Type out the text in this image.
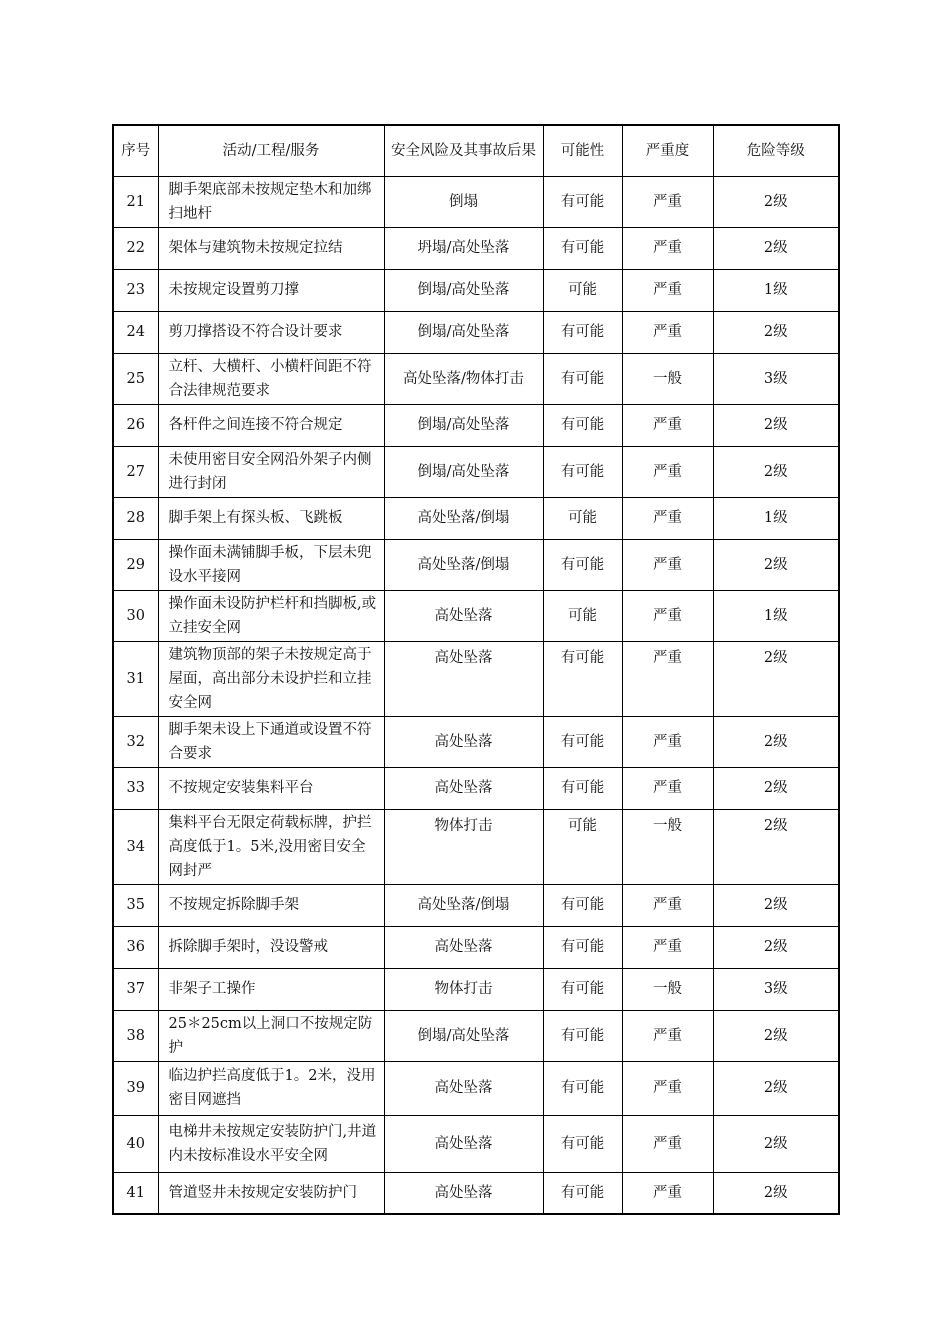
序号	活动/工程/服务	安全风险及其事故后果	可能性	严重度	危险等级
21	脚手架底部未按规定垫木和加绑扫地杆	倒塌	有可能	严重	2级
22	架体与建筑物未按规定拉结	坍塌/高处坠落	有可能	严重	2级
23	未按规定设置剪刀撑	倒塌/高处坠落	可能	严重	1级
24	剪刀撑搭设不符合设计要求	倒塌/高处坠落	有可能	严重	2级
25	立杆、大横杆、小横杆间距不符合法律规范要求	高处坠落/物体打击	有可能	一般	3级
26	各杆件之间连接不符合规定	倒塌/高处坠落	有可能	严重	2级
27	未使用密目安全网沿外架子内侧进行封闭	倒塌/高处坠落	有可能	严重	2级
28	脚手架上有探头板、飞跳板	高处坠落/倒塌	可能	严重	1级
29	操作面未满铺脚手板，下层未兜设水平接网	高处坠落/倒塌	有可能	严重	2级
30	操作面未设防护栏杆和挡脚板,或立挂安全网	高处坠落	可能	严重	1级
31	建筑物顶部的架子未按规定高于屋面，高出部分未设护拦和立挂安全网	高处坠落	有可能	严重	2级
32	脚手架未设上下通道或设置不符合要求	高处坠落	有可能	严重	2级
33	不按规定安装集料平台	高处坠落	有可能	严重	2级
34	集料平台无限定荷载标牌，护拦高度低于1。5米,没用密目安全网封严	物体打击	可能	一般	2级
35	不按规定拆除脚手架	高处坠落/倒塌	有可能	严重	2级
36	拆除脚手架时，没设警戒	高处坠落	有可能	严重	2级
37	非架子工操作	物体打击	有可能	一般	3级
38	25＊25cm以上洞口不按规定防护	倒塌/高处坠落	有可能	严重	2级
39	临边护拦高度低于1。2米，没用密目网遮挡	高处坠落	有可能	严重	2级
40	电梯井未按规定安装防护门,井道内未按标准设水平安全网	高处坠落	有可能	严重	2级
41	管道竖井未按规定安装防护门	高处坠落	有可能	严重	2级
